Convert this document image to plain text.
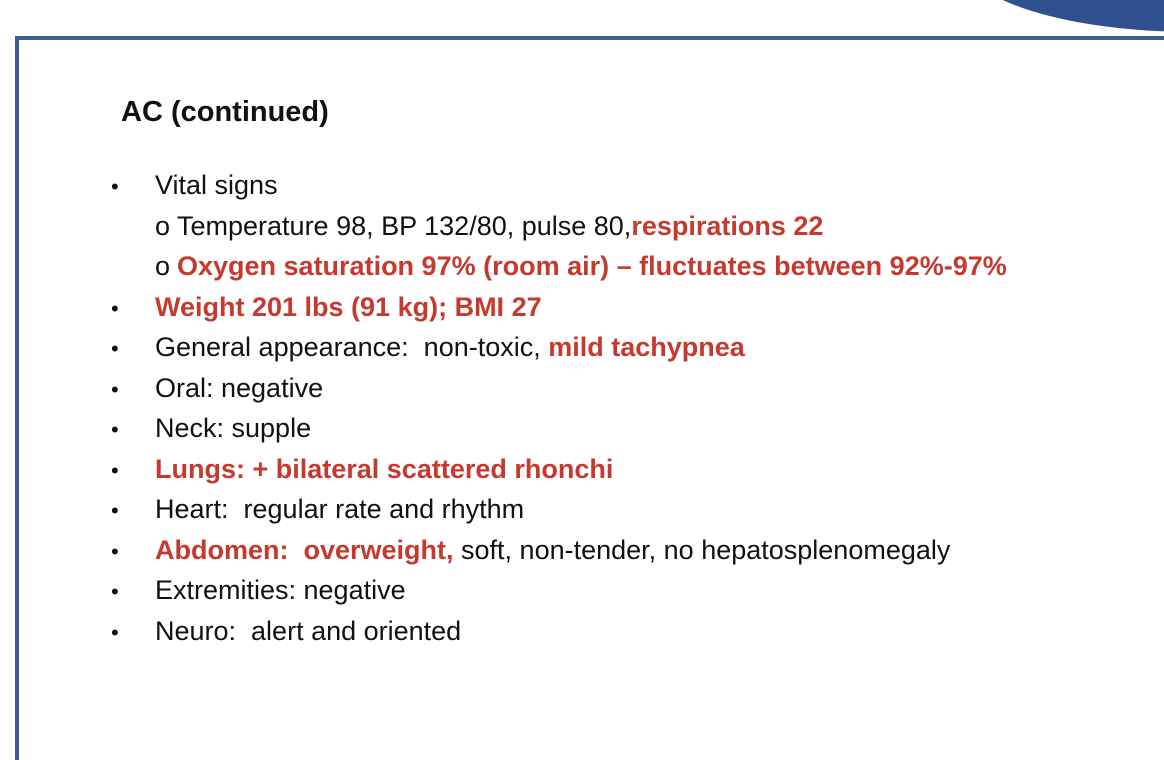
AC (continued)
•	Vital signs
o Temperature 98, BP 132/80, pulse 80, respirations 22
o Oxygen saturation 97% (room air) – fluctuates between 92%-97%
•	Weight 201 lbs (91 kg); BMI 27
•	General appearance:  non-toxic, mild tachypnea
•	Oral: negative
•	Neck: supple
•	Lungs: + bilateral scattered rhonchi
•	Heart:  regular rate and rhythm
•	Abdomen:  overweight, soft, non-tender, no hepatosplenomegaly
•	Extremities: negative
•	Neuro:  alert and oriented
